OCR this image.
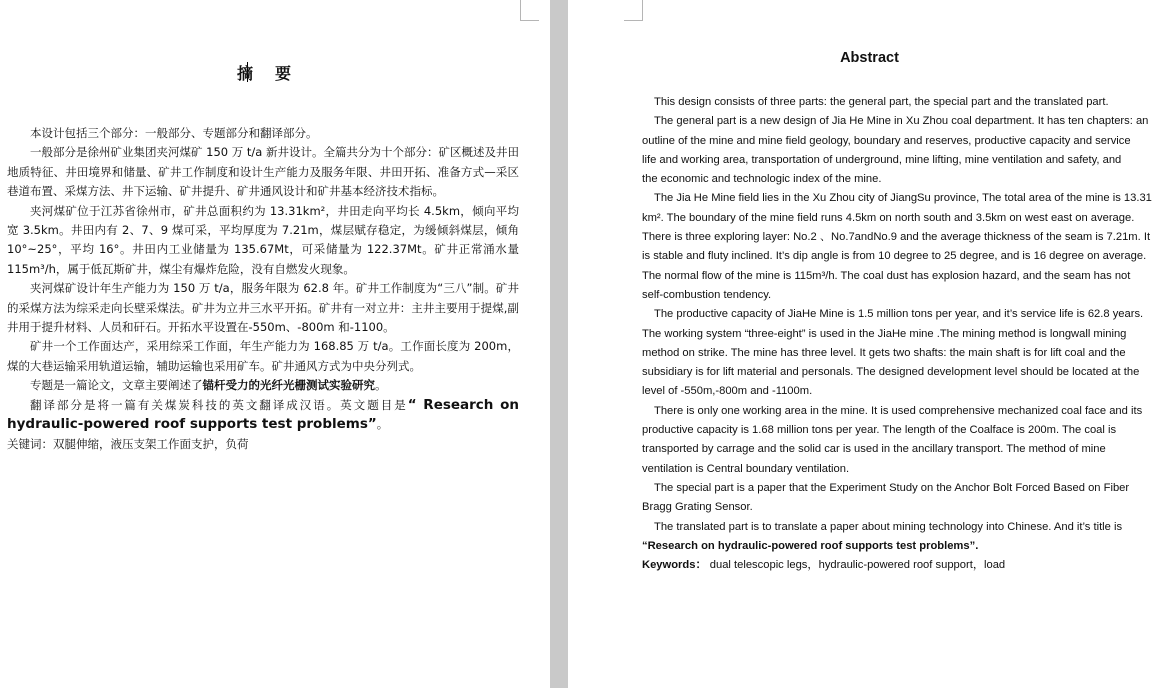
摘要

本设计包括三个部分：一般部分、专题部分和翻译部分。

一般部分是徐州矿业集团夹河煤矿 150 万 t/a 新井设计。全篇共分为十个部分：矿区概述及井田地质特征、井田境界和储量、矿井工作制度和设计生产能力及服务年限、井田开拓、准备方式—采区巷道布置、采煤方法、井下运输、矿井提升、矿井通风设计和矿井基本经济技术指标。

夹河煤矿位于江苏省徐州市，矿井总面积约为 13.31km²，井田走向平均长 4.5km，倾向平均宽 3.5km。井田内有 2、7、9 煤可采，平均厚度为 7.21m，煤层赋存稳定，为缓倾斜煤层，倾角 10°~25°，平均 16°。井田内工业储量为 135.67Mt，可采储量为 122.37Mt。矿井正常涌水量 115m³/h，属于低瓦斯矿井，煤尘有爆炸危险，没有自燃发火现象。

夹河煤矿设计年生产能力为 150 万 t/a，服务年限为 62.8 年。矿井工作制度为“三八”制。矿井的采煤方法为综采走向长壁采煤法。矿井为立井三水平开拓。矿井有一对立井：主井主要用于提煤,副井用于提升材料、人员和矸石。开拓水平设置在-550m、-800m 和-1100。

矿井一个工作面达产，采用综采工作面，年生产能力为 168.85 万 t/a。工作面长度为 200m，煤的大巷运输采用轨道运输，辅助运输也采用矿车。矿井通风方式为中央分列式。

专题是一篇论文，文章主要阐述了锚杆受力的光纤光栅测试实验研究。

翻译部分是将一篇有关煤炭科技的英文翻译成汉语。英文题目是“ Research on hydraulic-powered roof supports test problems”。

关键词：双腿伸缩，液压支架工作面支护，负荷

Abstract

This design consists of three parts: the general part, the special part and the translated part.

The general part is a new design of Jia He Mine in Xu Zhou coal department. It has ten chapters: an

outline of the mine and mine field geology, boundary and reserves, productive capacity and service

life and working area, transportation of underground, mine lifting, mine ventilation and safety, and

the economic and technologic index of the mine.

The Jia He Mine field lies in the Xu Zhou city of JiangSu province, The total area of the mine is 13.31

km². The boundary of the mine field runs 4.5km on north south and 3.5km on west east on average.

There is three exploring layer: No.2 、No.7andNo.9 and the average thickness of the seam is 7.21m. It

is stable and fluty inclined. It’s dip angle is from 10 degree to 25 degree, and is 16 degree on average.

The normal flow of the mine is 115m³/h. The coal dust has explosion hazard, and the seam has not

self-combustion tendency.

The productive capacity of JiaHe Mine is 1.5 million tons per year, and it’s service life is 62.8 years.

The working system “three-eight” is used in the JiaHe mine .The mining method is longwall mining

method on strike. The mine has three level. It gets two shafts: the main shaft is for lift coal and the

subsidiary is for lift material and personals. The designed development level should be located at the

level of -550m,-800m and -1100m.

There is only one working area in the mine. It is used comprehensive mechanized coal face and its

productive capacity is 1.68 million tons per year. The length of the Coalface is 200m. The coal is

transported by carrage and the solid car is used in the ancillary transport. The method of mine

ventilation is Central boundary ventilation.

The special part is a paper that the Experiment Study on the Anchor Bolt Forced Based on Fiber

Bragg Grating Sensor.

The translated part is to translate a paper about mining technology into Chinese. And it’s title is

“Research on hydraulic-powered roof supports test problems”.

Keywords： dual telescopic legs，hydraulic-powered roof support，load
